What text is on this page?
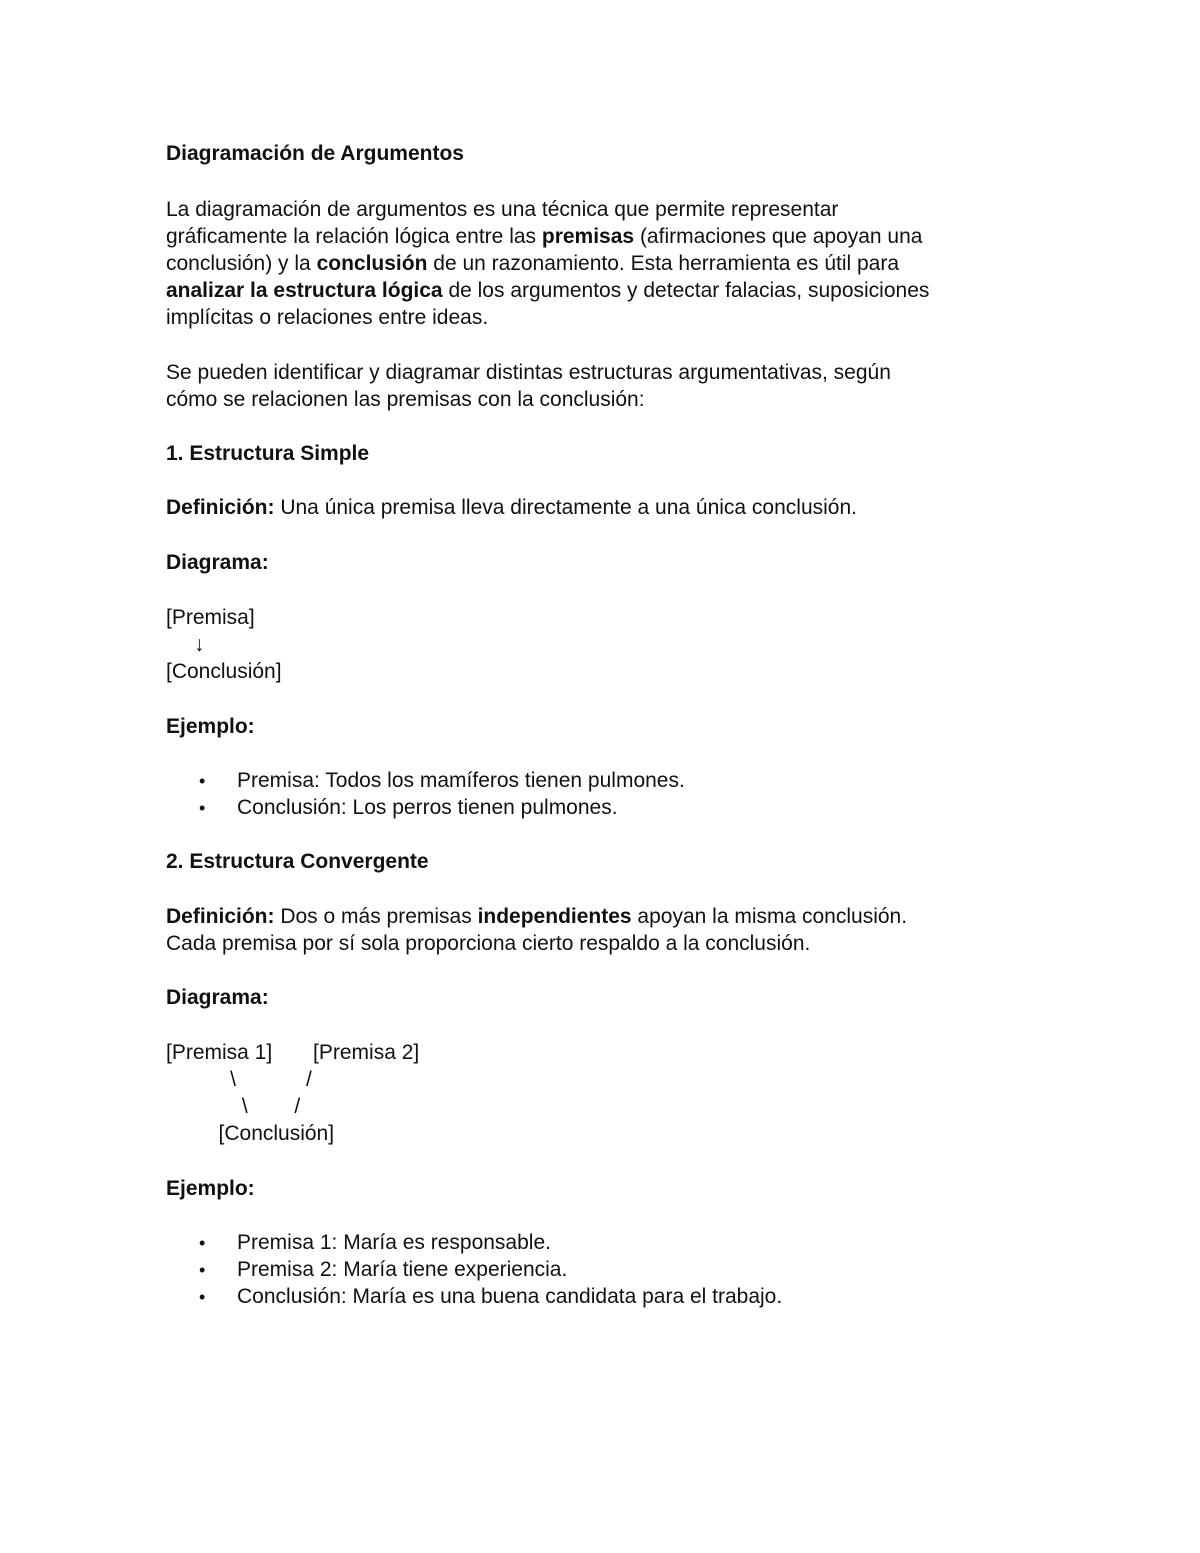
Diagramación de Argumentos
La diagramación de argumentos es una técnica que permite representar
gráficamente la relación lógica entre las premisas (afirmaciones que apoyan una
conclusión) y la conclusión de un razonamiento. Esta herramienta es útil para
analizar la estructura lógica de los argumentos y detectar falacias, suposiciones
implícitas o relaciones entre ideas.
Se pueden identificar y diagramar distintas estructuras argumentativas, según
cómo se relacionen las premisas con la conclusión:
1. Estructura Simple
Definición: Una única premisa lleva directamente a una única conclusión.
Diagrama:
[Premisa]
↓
[Conclusión]
Ejemplo:
• Premisa: Todos los mamíferos tienen pulmones.
• Conclusión: Los perros tienen pulmones.
2. Estructura Convergente
Definición: Dos o más premisas independientes apoyan la misma conclusión.
Cada premisa por sí sola proporciona cierto respaldo a la conclusión.
Diagrama:
[Premisa 1]       [Premisa 2]
\            /
\        /
[Conclusión]
Ejemplo:
• Premisa 1: María es responsable.
• Premisa 2: María tiene experiencia.
• Conclusión: María es una buena candidata para el trabajo.
